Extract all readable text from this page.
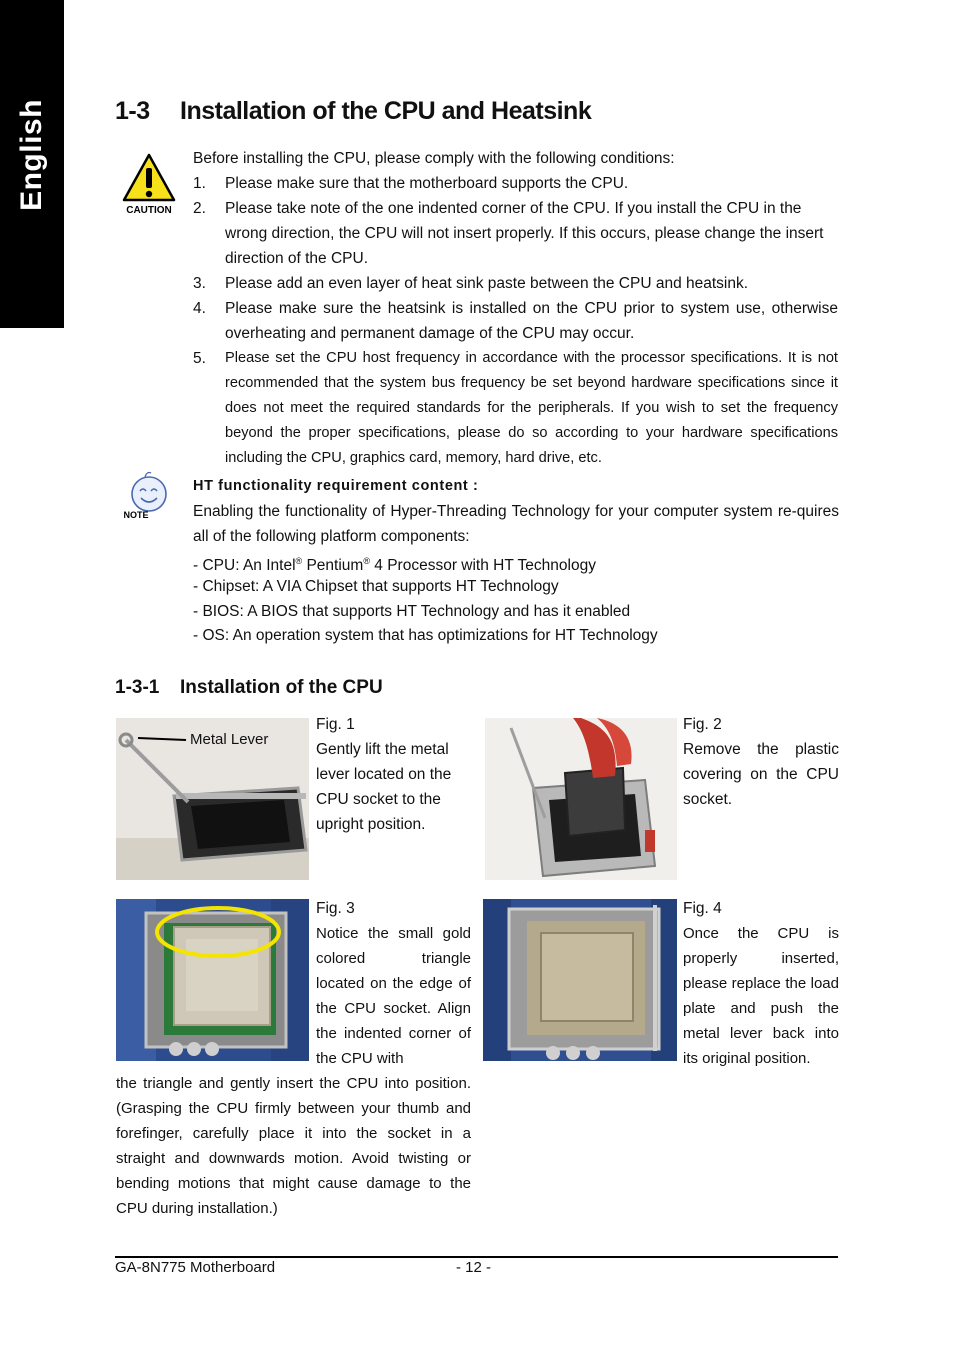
English	1-3 Installation of the CPU and Heatsink
CAUTION
Before installing the CPU, please comply with the following conditions:
1. Please make sure that the motherboard supports the CPU.
2. Please take note of the one indented corner of the CPU. If you install the CPU in the wrong direction, the CPU will not insert properly. If this occurs, please change the insert direction of the CPU.
3. Please add an even layer of heat sink paste between the CPU and heatsink.
4. Please make sure the heatsink is installed on the CPU prior to system use, otherwise overheating and permanent damage of the CPU may occur.
5. Please set the CPU host frequency in accordance with the processor specifications. It is not recommended that the system bus frequency be set beyond hardware specifications since it does not meet the required standards for the peripherals. If you wish to set the frequency beyond the proper specifications, please do so according to your hardware specifications including the CPU, graphics card, memory, hard drive, etc.
NOTE
HT functionality requirement content :
Enabling the functionality of Hyper-Threading Technology for your computer system re-quires all of the following platform components:
- CPU: An Intel® Pentium® 4 Processor with HT Technology
- Chipset: A VIA Chipset that supports HT Technology
- BIOS: A BIOS that supports HT Technology and has it enabled
- OS: An operation system that has optimizations for HT Technology
1-3-1 Installation of the CPU
Metal Lever
Fig. 1
Gently lift the metal lever located on the CPU socket to the upright position.
Fig. 2
Remove the plastic covering on the CPU socket.
Fig. 3
Notice the small gold colored triangle located on the edge of the CPU socket. Align the indented corner of the CPU with
the triangle and gently insert the CPU into position. (Grasping the CPU firmly between your thumb and forefinger, carefully place it into the socket in a straight and downwards motion. Avoid twisting or bending motions that might cause damage to the CPU during installation.)
Fig. 4
Once the CPU is properly inserted, please replace the load plate and push the metal lever back into its original position.
GA-8N775 Motherboard	- 12 -
